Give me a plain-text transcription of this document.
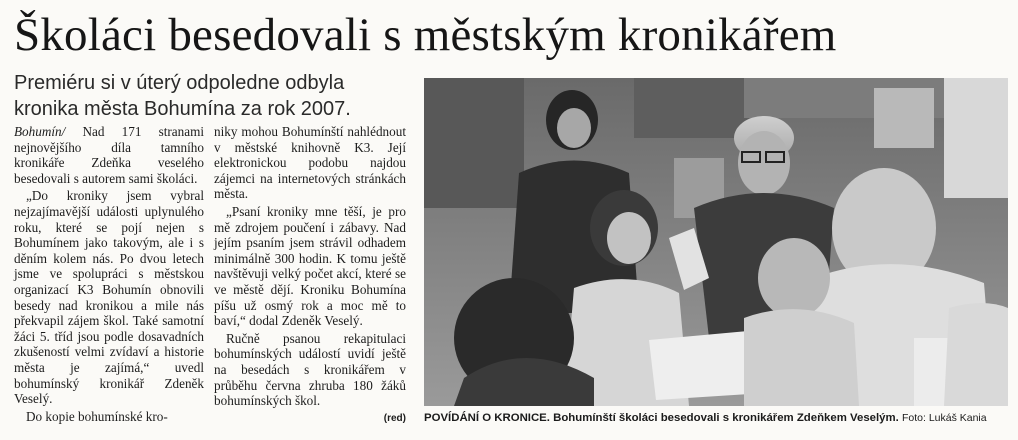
Školáci besedovali s městským kronikářem
Premiéru si v úterý odpoledne odbyla
kronika města Bohumína za rok 2007.

Bohumín/ Nad 171 stranami nejnovějšího díla tamního kronikáře Zdeňka veselého besedovali s autorem sami školáci.

„Do kroniky jsem vybral nejzajímavější události uplynulého roku, které se pojí nejen s Bohumínem jako takovým, ale i s děním kolem nás. Po dvou letech jsme ve spolupráci s městskou organizací K3 Bohumín obnovili besedy nad kronikou a mile nás překvapil zájem škol. Také samotní žáci 5. tříd jsou podle dosavadních zkušeností velmi zvídaví a historie města je zajímá,“ uvedl bohumínský kronikář Zdeněk Veselý.

Do kopie bohumínské kro-

niky mohou Bohumínští nahlédnout v městské knihovně K3. Její elektronickou podobu najdou zájemci na internetových stránkách města.

„Psaní kroniky mne těší, je pro mě zdrojem poučení i zábavy. Nad jejím psaním jsem strávil odhadem minimálně 300 hodin. K tomu ještě navštěvuji velký počet akcí, které se ve městě dějí. Kroniku Bohumína píšu už osmý rok a moc mě to baví,“ dodal Zdeněk Veselý.

Ručně psanou rekapitulaci bohumínských událostí uvidí ještě na besedách s kronikářem v průběhu června zhruba 180 žáků bohumínských škol.

(red) POVÍDÁNÍ O KRONICE. Bohumínští školáci besedovali s kronikářem Zdeňkem Veselým. Foto: Lukáš Kania
